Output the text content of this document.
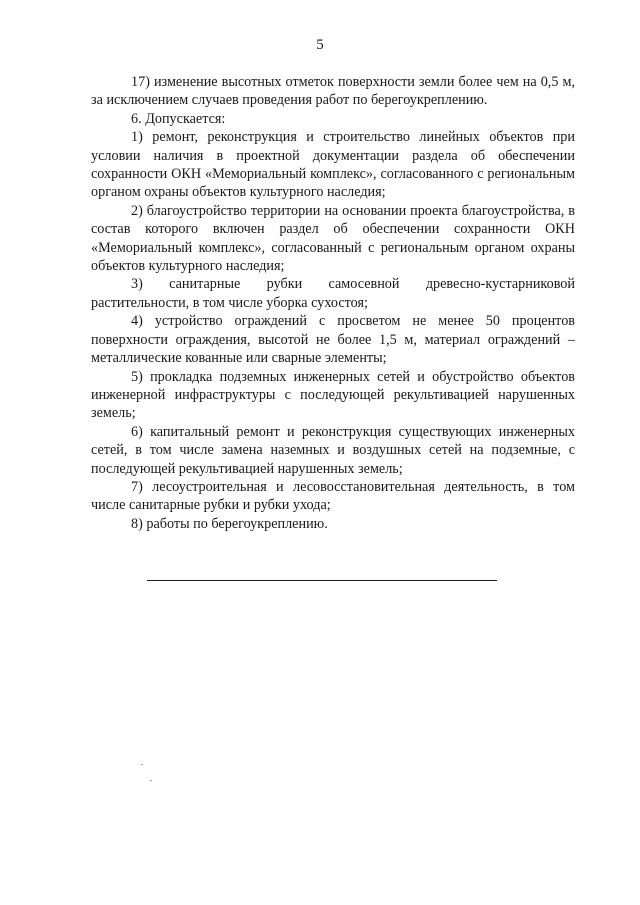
5

17) изменение высотных отметок поверхности земли более чем на 0,5 м, за исключением случаев проведения работ по берегоукреплению.

6. Допускается:

1) ремонт, реконструкция и строительство линейных объектов при условии наличия в проектной документации раздела об обеспечении сохранности ОКН «Мемориальный комплекс», согласованного с региональным органом охраны объектов культурного наследия;

2) благоустройство территории на основании проекта благоустройства, в состав которого включен раздел об обеспечении сохранности ОКН «Мемориальный комплекс», согласованный с региональным органом охраны объектов культурного наследия;

3) санитарные рубки самосевной древесно-кустарниковой растительности, в том числе уборка сухостоя;

4) устройство ограждений с просветом не менее 50 процентов поверхности ограждения, высотой не более 1,5 м, материал ограждений – металлические кованные или сварные элементы;

5) прокладка подземных инженерных сетей и обустройство объектов инженерной инфраструктуры с последующей рекультивацией нарушенных земель;

6) капитальный ремонт и реконструкция существующих инженерных сетей, в том числе замена наземных и воздушных сетей на подземные, с последующей рекультивацией нарушенных земель;

7) лесоустроительная и лесовосстановительная деятельность, в том числе санитарные рубки и рубки ухода;

8) работы по берегоукреплению.
